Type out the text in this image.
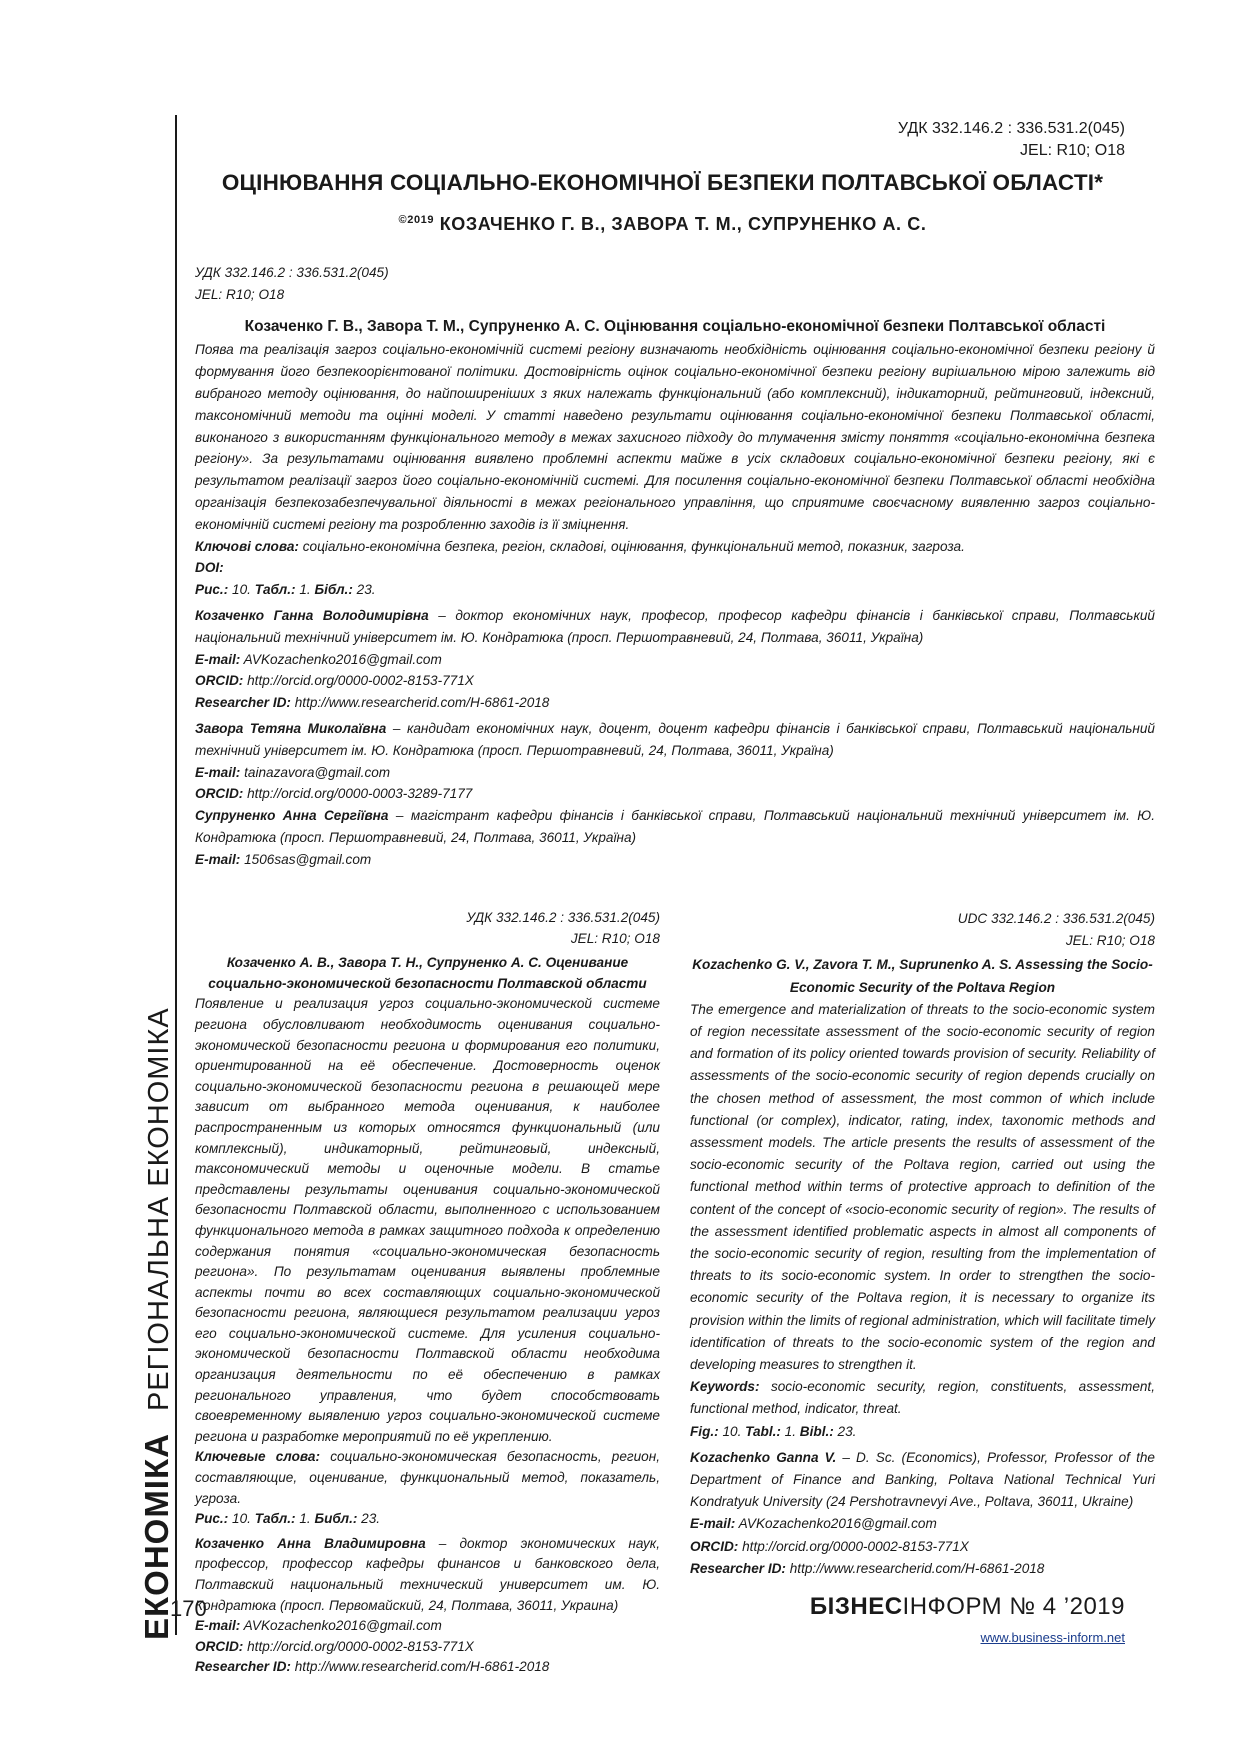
ЕКОНОМІКАРЕГІОНАЛЬНА ЕКОНОМІКА
УДК 332.146.2 : 336.531.2(045)
JEL: R10; O18
ОЦІНЮВАННЯ СОЦІАЛЬНО-ЕКОНОМІЧНОЇ БЕЗПЕКИ ПОЛТАВСЬКОЇ ОБЛАСТІ*
$^{©2019}$ КОЗАЧЕНКО Г. В., ЗАВОРА Т. М., СУПРУНЕНКО А. С.

УДК 332.146.2 : 336.531.2(045)

JEL: R10; O18

Козаченко Г. В., Завора Т. М., Супруненко А. С. Оцінювання соціально-економічної безпеки Полтавської області

Поява та реалізація загроз соціально-економічній системі регіону визначають необхідність оцінювання соціально-економічної безпеки регіону й формування його безпекоорієнтованої політики. Достовірність оцінок соціально-економічної безпеки регіону вирішальною мірою залежить від вибраного методу оцінювання, до найпоширеніших з яких належать функціональний (або комплексний), індикаторний, рейтинговий, індексний, таксономічний методи та оцінні моделі. У статті наведено результати оцінювання соціально-економічної безпеки Полтавської області, виконаного з використанням функціонального методу в межах захисного підходу до тлумачення змісту поняття «соціально-економічна безпека регіону». За результатами оцінювання виявлено проблемні аспекти майже в усіх складових соціально-економічної безпеки регіону, які є результатом реалізації загроз його соціально-економічній системі. Для посилення соціально-економічної безпеки Полтавської області необхідна організація безпекозабезпечувальної діяльності в межах регіонального управління, що сприятиме своєчасному виявленню загроз соціально-економічній системі регіону та розробленню заходів із її зміцнення.

Ключові слова: соціально-економічна безпека, регіон, складові, оцінювання, функціональний метод, показник, загроза.

DOI:

Рис.: 10. Табл.: 1. Бібл.: 23.

Козаченко Ганна Володимирівна – доктор економічних наук, професор, професор кафедри фінансів і банківської справи, Полтавський національний технічний університет ім. Ю. Кондратюка (просп. Першотравневий, 24, Полтава, 36011, Україна)

E-mail: AVKozachenko2016@gmail.com

ORCID: http://orcid.org/0000-0002-8153-771X

Researcher ID: http://www.researcherid.com/H-6861-2018

Завора Тетяна Миколаївна – кандидат економічних наук, доцент, доцент кафедри фінансів і банківської справи, Полтавський національний технічний університет ім. Ю. Кондратюка (просп. Першотравневий, 24, Полтава, 36011, Україна)

E-mail: tainazavora@gmail.com

ORCID: http://orcid.org/0000-0003-3289-7177

Супруненко Анна Сергіївна – магістрант кафедри фінансів і банківської справи, Полтавський національний технічний університет ім. Ю. Кондратюка (просп. Першотравневий, 24, Полтава, 36011, Україна)

E-mail: 1506sas@gmail.com

УДК 332.146.2 : 336.531.2(045)

JEL: R10; O18

Козаченко А. В., Завора Т. Н., Супруненко А. С. Оценивание социально-экономической безопасности Полтавской области

Появление и реализация угроз социально-экономической системе региона обусловливают необходимость оценивания социально-экономической безопасности региона и формирования его политики, ориентированной на её обеспечение. Достоверность оценок социально-экономической безопасности региона в решающей мере зависит от выбранного метода оценивания, к наиболее распространенным из которых относятся функциональный (или комплексный), индикаторный, рейтинговый, индексный, таксономический методы и оценочные модели. В статье представлены результаты оценивания социально-экономической безопасности Полтавской области, выполненного с использованием функционального метода в рамках защитного подхода к определению содержания понятия «социально-экономическая безопасность региона». По результатам оценивания выявлены проблемные аспекты почти во всех составляющих социально-экономической безопасности региона, являющиеся результатом реализации угроз его социально-экономической системе. Для усиления социально-экономической безопасности Полтавской области необходима организация деятельности по её обеспечению в рамках регионального управления, что будет способствовать своевременному выявлению угроз социально-экономической системе региона и разработке мероприятий по её укреплению.

Ключевые слова: социально-экономическая безопасность, регион, составляющие, оценивание, функциональный метод, показатель, угроза.

Рис.: 10. Табл.: 1. Библ.: 23.

Козаченко Анна Владимировна – доктор экономических наук, профессор, профессор кафедры финансов и банковского дела, Полтавский национальный технический университет им. Ю. Кондратюка (просп. Первомайский, 24, Полтава, 36011, Украина)

E-mail: AVKozachenko2016@gmail.com

ORCID: http://orcid.org/0000-0002-8153-771X

Researcher ID: http://www.researcherid.com/H-6861-2018

UDC 332.146.2 : 336.531.2(045)

JEL: R10; O18

Kozachenko G. V., Zavora T. M., Suprunenko A. S. Assessing the Socio-Economic Security of the Poltava Region

The emergence and materialization of threats to the socio-economic system of region necessitate assessment of the socio-economic security of region and formation of its policy oriented towards provision of security. Reliability of assessments of the socio-economic security of region depends crucially on the chosen method of assessment, the most common of which include functional (or complex), indicator, rating, index, taxonomic methods and assessment models. The article presents the results of assessment of the socio-economic security of the Poltava region, carried out using the functional method within terms of protective approach to definition of the content of the concept of «socio-economic security of region». The results of the assessment identified problematic aspects in almost all components of the socio-economic security of region, resulting from the implementation of threats to its socio-economic system. In order to strengthen the socio-economic security of the Poltava region, it is necessary to organize its provision within the limits of regional administration, which will facilitate timely identification of threats to the socio-economic system of the region and developing measures to strengthen it.

Keywords: socio-economic security, region, constituents, assessment, functional method, indicator, threat.

Fig.: 10. Tabl.: 1. Bibl.: 23.

Kozachenko Ganna V. – D. Sc. (Economics), Professor, Professor of the Department of Finance and Banking, Poltava National Technical Yuri Kondratyuk University (24 Pershotravnevyi Ave., Poltava, 36011, Ukraine)

E-mail: AVKozachenko2016@gmail.com

ORCID: http://orcid.org/0000-0002-8153-771X

Researcher ID: http://www.researcherid.com/H-6861-2018

170	БІЗНЕСІНФОРМ № 4 ’2019
www.business-inform.net
